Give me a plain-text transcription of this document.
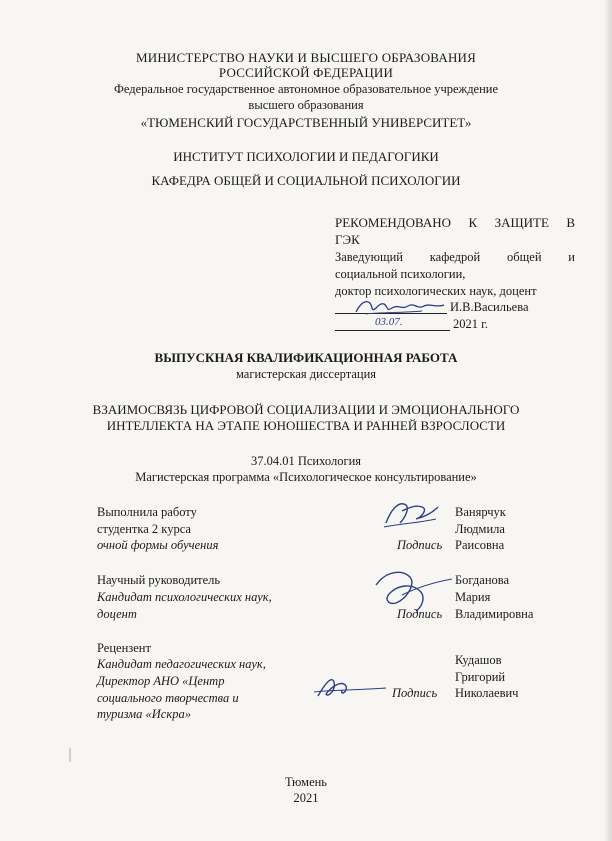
МИНИСТЕРСТВО НАУКИ И ВЫСШЕГО ОБРАЗОВАНИЯ
РОССИЙСКОЙ ФЕДЕРАЦИИ
Федеральное государственное автономное образовательное учреждение
высшего образования
«ТЮМЕНСКИЙ ГОСУДАРСТВЕННЫЙ УНИВЕРСИТЕТ»
ИНСТИТУТ ПСИХОЛОГИИ И ПЕДАГОГИКИ
КАФЕДРА ОБЩЕЙ И СОЦИАЛЬНОЙ ПСИХОЛОГИИ
РЕКОМЕНДОВАНО К ЗАЩИТЕ В
ГЭК
Заведующий кафедрой общей и
социальной психологии,
доктор психологических наук, доцент
И.В.Васильева
03.07.	2021 г.
ВЫПУСКНАЯ КВАЛИФИКАЦИОННАЯ РАБОТА
магистерская диссертация
ВЗАИМОСВЯЗЬ ЦИФРОВОЙ СОЦИАЛИЗАЦИИ И ЭМОЦИОНАЛЬНОГО
ИНТЕЛЛЕКТА НА ЭТАПЕ ЮНОШЕСТВА И РАННЕЙ ВЗРОСЛОСТИ
37.04.01 Психология
Магистерская программа «Психологическое консультирование»
Выполнила работу
студентка 2 курса
очной формы обучения	Подпись
Ванярчук
Людмила
Раисовна
Научный руководитель
Кандидат психологических наук,
доцент	Подпись
Богданова
Мария
Владимировна
Рецензент
Кандидат педагогических наук,
Директор АНО «Центр
социального творчества и
туризма «Искра»
Подпись
Кудашов
Григорий
Николаевич
Тюмень
2021
